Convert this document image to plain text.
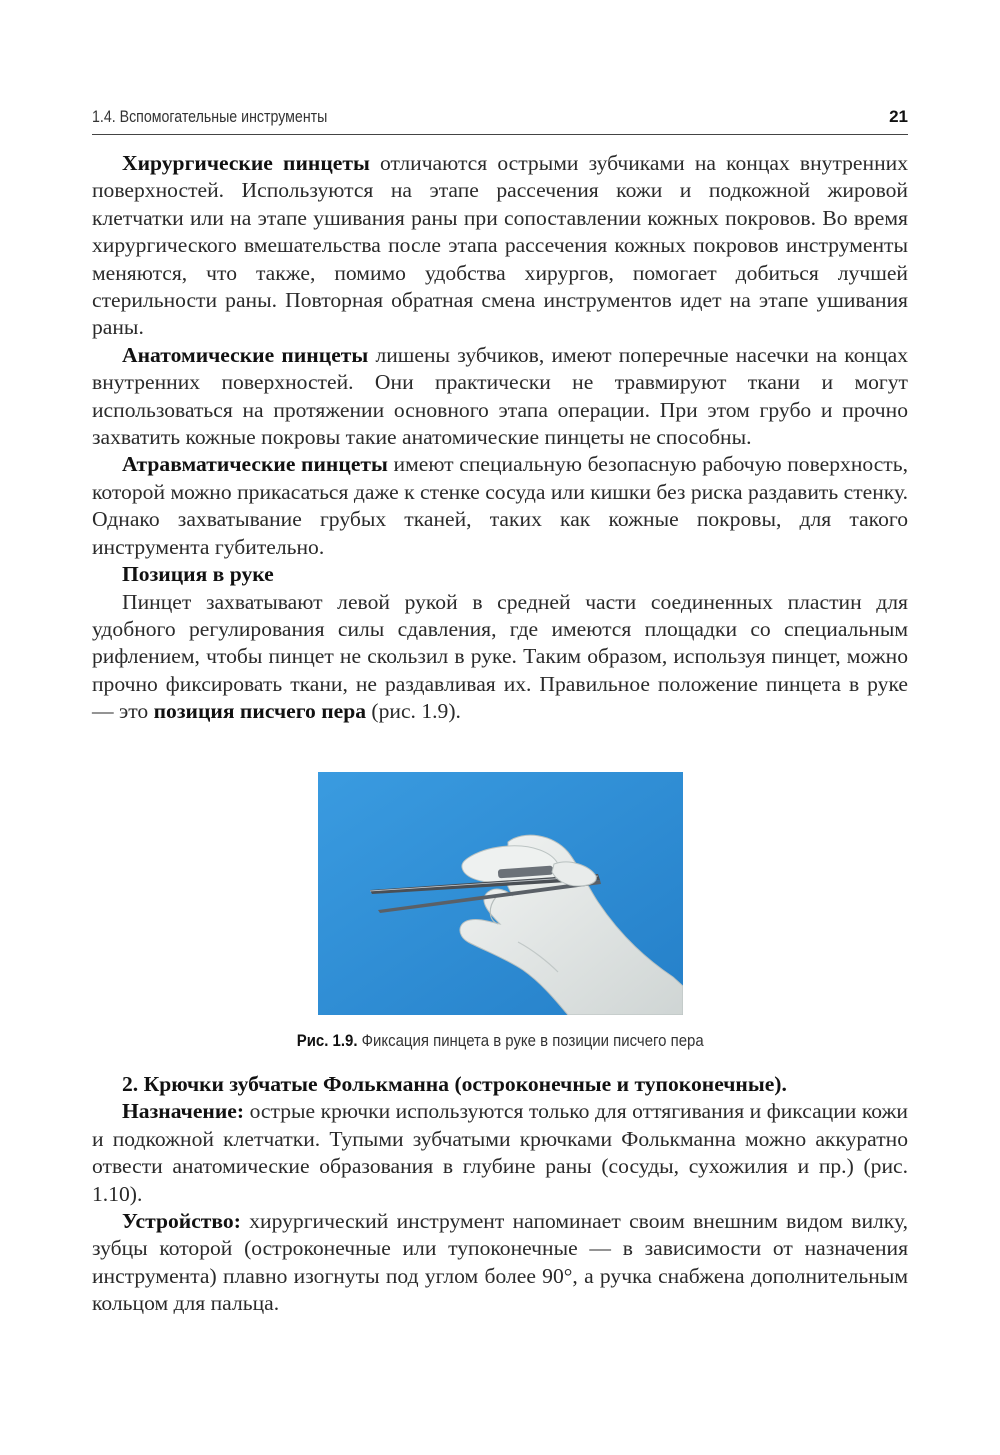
1.4. Вспомогательные инструменты	21

Хирургические пинцеты отличаются острыми зубчиками на концах внутренних поверхностей. Используются на этапе рассечения кожи и подкожной жировой клетчатки или на этапе ушивания раны при сопоставлении кожных покровов. Во время хирургического вмешательства после этапа рассечения кожных покровов инструменты меняются, что также, помимо удобства хирургов, помогает добиться лучшей стерильности раны. Повторная обратная смена инструментов идет на этапе ушивания раны.

Анатомические пинцеты лишены зубчиков, имеют поперечные насечки на концах внутренних поверхностей. Они практически не травмируют ткани и могут использоваться на протяжении основного этапа операции. При этом грубо и прочно захватить кожные покровы такие анатомические пинцеты не способны.

Атравматические пинцеты имеют специальную безопасную рабочую поверхность, которой можно прикасаться даже к стенке сосуда или кишки без риска раздавить стенку. Однако захватывание грубых тканей, таких как кожные покровы, для такого инструмента губительно.

Позиция в руке

Пинцет захватывают левой рукой в средней части соединенных пластин для удобного регулирования силы сдавления, где имеются площадки со специальным рифлением, чтобы пинцет не скользил в руке. Таким образом, используя пинцет, можно прочно фиксировать ткани, не раздавливая их. Правильное положение пинцета в руке — это позиция писчего пера (рис. 1.9).

Рис. 1.9. Фиксация пинцета в руке в позиции писчего пера
2. Крючки зубчатые Фолькманна (остроконечные и тупоконечные).

Назначение: острые крючки используются только для оттягивания и фиксации кожи и подкожной клетчатки. Тупыми зубчатыми крючками Фолькманна можно аккуратно отвести анатомические образования в глубине раны (сосуды, сухожилия и пр.) (рис. 1.10).

Устройство: хирургический инструмент напоминает своим внешним видом вилку, зубцы которой (остроконечные или тупоконечные — в зависимости от назначения инструмента) плавно изогнуты под углом более 90°, а ручка снабжена дополнительным кольцом для пальца.
